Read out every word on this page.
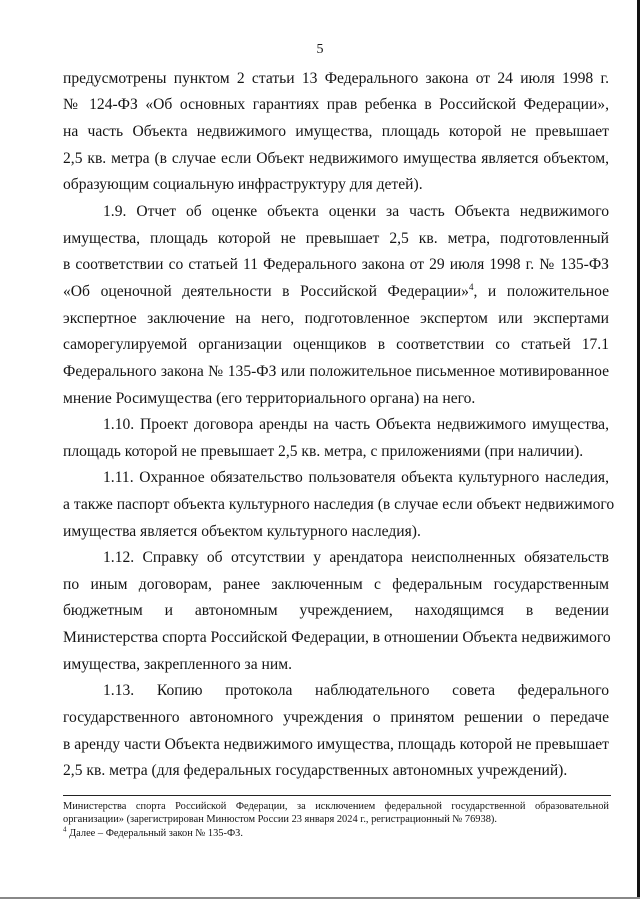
5
предусмотрены пунктом 2 статьи 13 Федерального закона от 24 июля 1998 г.
№ 124-ФЗ «Об основных гарантиях прав ребенка в Российской Федерации»,
на часть Объекта недвижимого имущества, площадь которой не превышает
2,5 кв. метра (в случае если Объект недвижимого имущества является объектом,
образующим социальную инфраструктуру для детей).
1.9. Отчет об оценке объекта оценки за часть Объекта недвижимого
имущества, площадь которой не превышает 2,5 кв. метра, подготовленный
в соответствии со статьей 11 Федерального закона от 29 июля 1998 г. № 135-ФЗ
«Об оценочной деятельности в Российской Федерации»$^4$, и положительное
экспертное заключение на него, подготовленное экспертом или экспертами
саморегулируемой организации оценщиков в соответствии со статьей 17.1
Федерального закона № 135-ФЗ или положительное письменное мотивированное
мнение Росимущества (его территориального органа) на него.
1.10. Проект договора аренды на часть Объекта недвижимого имущества,
площадь которой не превышает 2,5 кв. метра, с приложениями (при наличии).
1.11. Охранное обязательство пользователя объекта культурного наследия,
а также паспорт объекта культурного наследия (в случае если объект недвижимого
имущества является объектом культурного наследия).
1.12. Справку об отсутствии у арендатора неисполненных обязательств
по иным договорам, ранее заключенным с федеральным государственным
бюджетным и автономным учреждением, находящимся в ведении
Министерства спорта Российской Федерации, в отношении Объекта недвижимого
имущества, закрепленного за ним.
1.13. Копию протокола наблюдательного совета федерального
государственного автономного учреждения о принятом решении о передаче
в аренду части Объекта недвижимого имущества, площадь которой не превышает
2,5 кв. метра (для федеральных государственных автономных учреждений).
Министерства спорта Российской Федерации, за исключением федеральной государственной образовательной
организации» (зарегистрирован Минюстом России 23 января 2024 г., регистрационный № 76938).
$^4$ Далее – Федеральный закон № 135-ФЗ.
